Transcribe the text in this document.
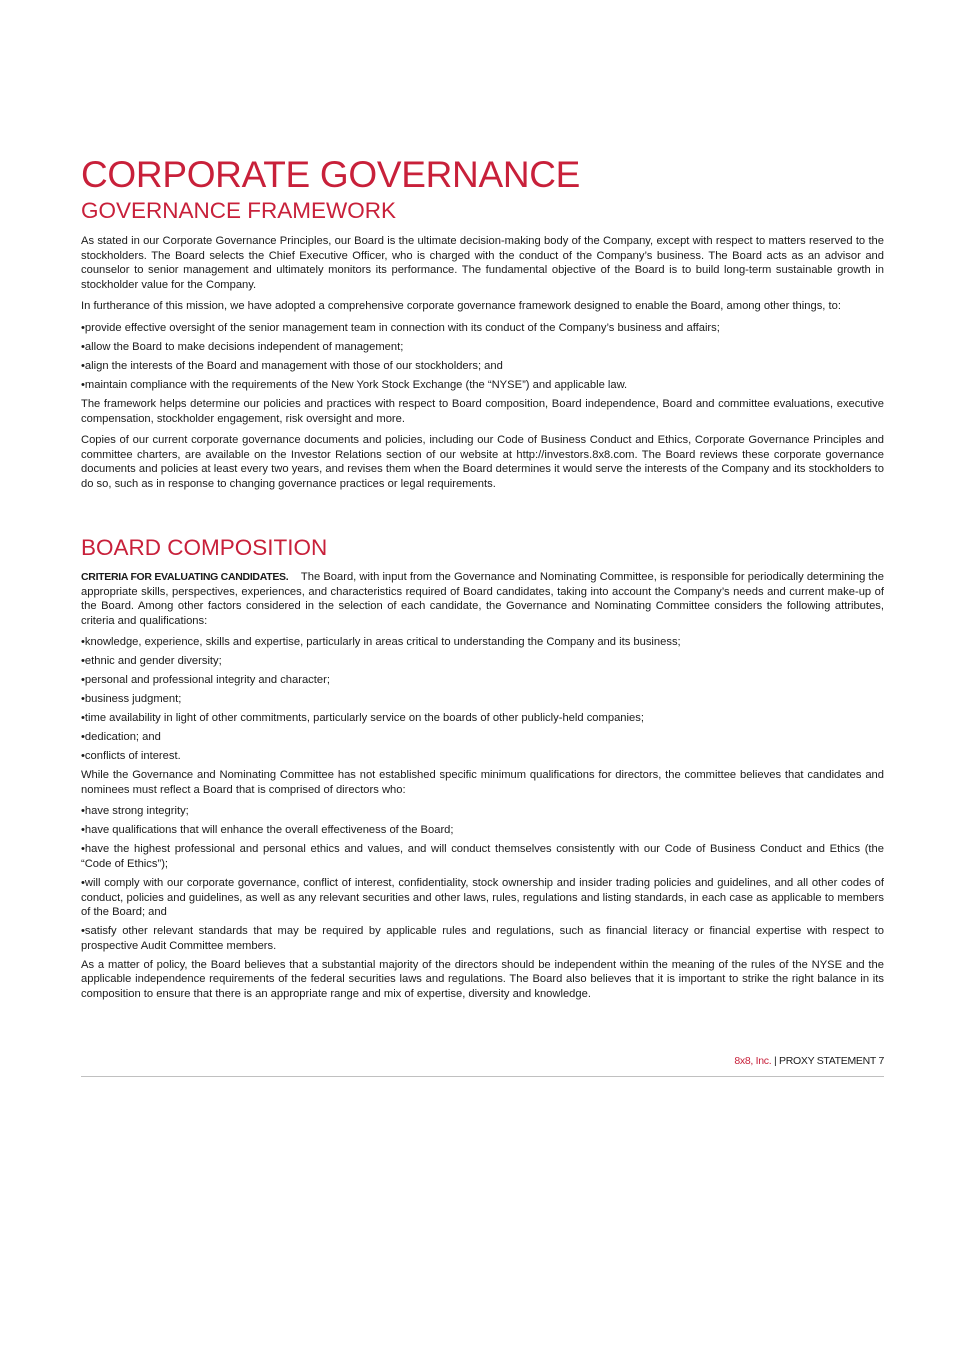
CORPORATE GOVERNANCE
GOVERNANCE FRAMEWORK

As stated in our Corporate Governance Principles, our Board is the ultimate decision-making body of the Company, except with respect to matters reserved to the stockholders. The Board selects the Chief Executive Officer, who is charged with the conduct of the Company’s business. The Board acts as an advisor and counselor to senior management and ultimately monitors its performance. The fundamental objective of the Board is to build long-term sustainable growth in stockholder value for the Company.

In furtherance of this mission, we have adopted a comprehensive corporate governance framework designed to enable the Board, among other things, to:

•provide effective oversight of the senior management team in connection with its conduct of the Company’s business and affairs;

•allow the Board to make decisions independent of management;

•align the interests of the Board and management with those of our stockholders; and

•maintain compliance with the requirements of the New York Stock Exchange (the “NYSE”) and applicable law.

The framework helps determine our policies and practices with respect to Board composition, Board independence, Board and committee evaluations, executive compensation, stockholder engagement, risk oversight and more.

Copies of our current corporate governance documents and policies, including our Code of Business Conduct and Ethics, Corporate Governance Principles and committee charters, are available on the Investor Relations section of our website at http://investors.8x8.com. The Board reviews these corporate governance documents and policies at least every two years, and revises them when the Board determines it would serve the interests of the Company and its stockholders to do so, such as in response to changing governance practices or legal requirements.

BOARD COMPOSITION

CRITERIA FOR EVALUATING CANDIDATES. The Board, with input from the Governance and Nominating Committee, is responsible for periodically determining the appropriate skills, perspectives, experiences, and characteristics required of Board candidates, taking into account the Company’s needs and current make-up of the Board. Among other factors considered in the selection of each candidate, the Governance and Nominating Committee considers the following attributes, criteria and qualifications:

•knowledge, experience, skills and expertise, particularly in areas critical to understanding the Company and its business;

•ethnic and gender diversity;

•personal and professional integrity and character;

•business judgment;

•time availability in light of other commitments, particularly service on the boards of other publicly-held companies;

•dedication; and

•conflicts of interest.

While the Governance and Nominating Committee has not established specific minimum qualifications for directors, the committee believes that candidates and nominees must reflect a Board that is comprised of directors who:

•have strong integrity;

•have qualifications that will enhance the overall effectiveness of the Board;

•have the highest professional and personal ethics and values, and will conduct themselves consistently with our Code of Business Conduct and Ethics (the “Code of Ethics”);

•will comply with our corporate governance, conflict of interest, confidentiality, stock ownership and insider trading policies and guidelines, and all other codes of conduct, policies and guidelines, as well as any relevant securities and other laws, rules, regulations and listing standards, in each case as applicable to members of the Board; and

•satisfy other relevant standards that may be required by applicable rules and regulations, such as financial literacy or financial expertise with respect to prospective Audit Committee members.

As a matter of policy, the Board believes that a substantial majority of the directors should be independent within the meaning of the rules of the NYSE and the applicable independence requirements of the federal securities laws and regulations. The Board also believes that it is important to strike the right balance in its composition to ensure that there is an appropriate range and mix of expertise, diversity and knowledge.

8x8, Inc. | PROXY STATEMENT 7
